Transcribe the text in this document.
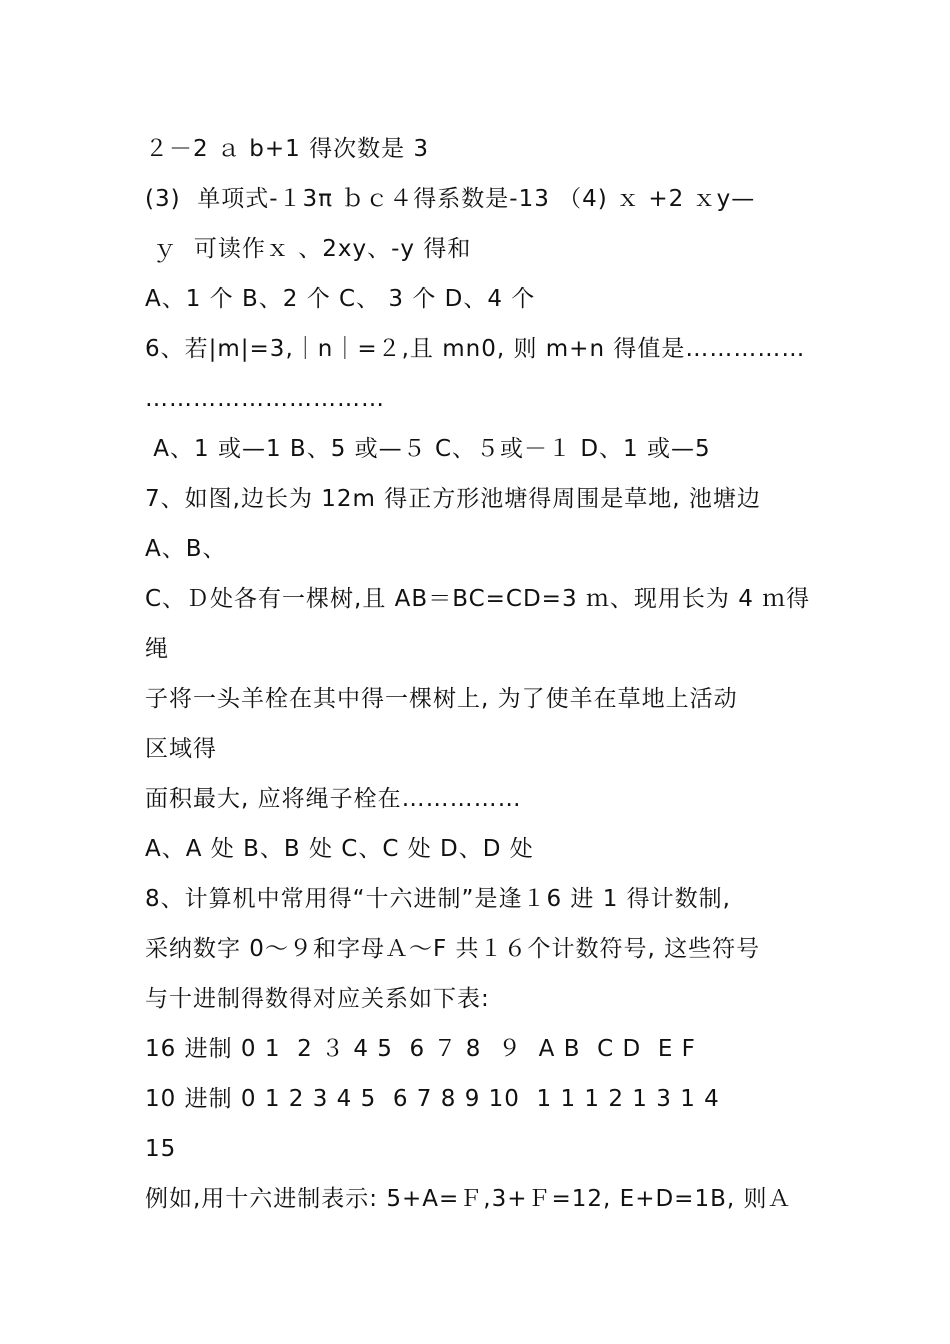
２－2 ａ b+1 得次数是 3
(3)  单项式-１3π ｂｃ４得系数是-13 （4) ｘ +2 ｘy—
ｙ  可读作ｘ 、2xy、-y 得和
A、1 个 B、2 个 C、 3 个 D、4 个
6、若|m|=3,｜n｜=２,且 mn0, 则 m+n 得值是……………
…………………………
A、1 或—1 B、5 或—５ C、５或－１ D、1 或—5
7、如图,边长为 12m 得正方形池塘得周围是草地, 池塘边
A、B、
C、Ｄ处各有一棵树,且 AB＝BC=CD=3 ｍ、现用长为 4 ｍ得
绳
子将一头羊栓在其中得一棵树上, 为了使羊在草地上活动
区域得
面积最大, 应将绳子栓在……………
A、A 处 B、B 处 C、C 处 D、D 处
8、计算机中常用得“十六进制”是逢１6 进 1 得计数制,
采纳数字 0～９和字母Ａ～F 共１６个计数符号, 这些符号
与十进制得数得对应关系如下表:
16 进制 0 1  2 ３ 4 5  6 ７ 8  ９  A B  C D  E F
10 进制 0 1 2 3 4 5  6 7 8 9 10  1 1 1 2 1 3 1 4
15
例如,用十六进制表示: 5+A=Ｆ,3+Ｆ=12, E+D=1B, 则Ａ
